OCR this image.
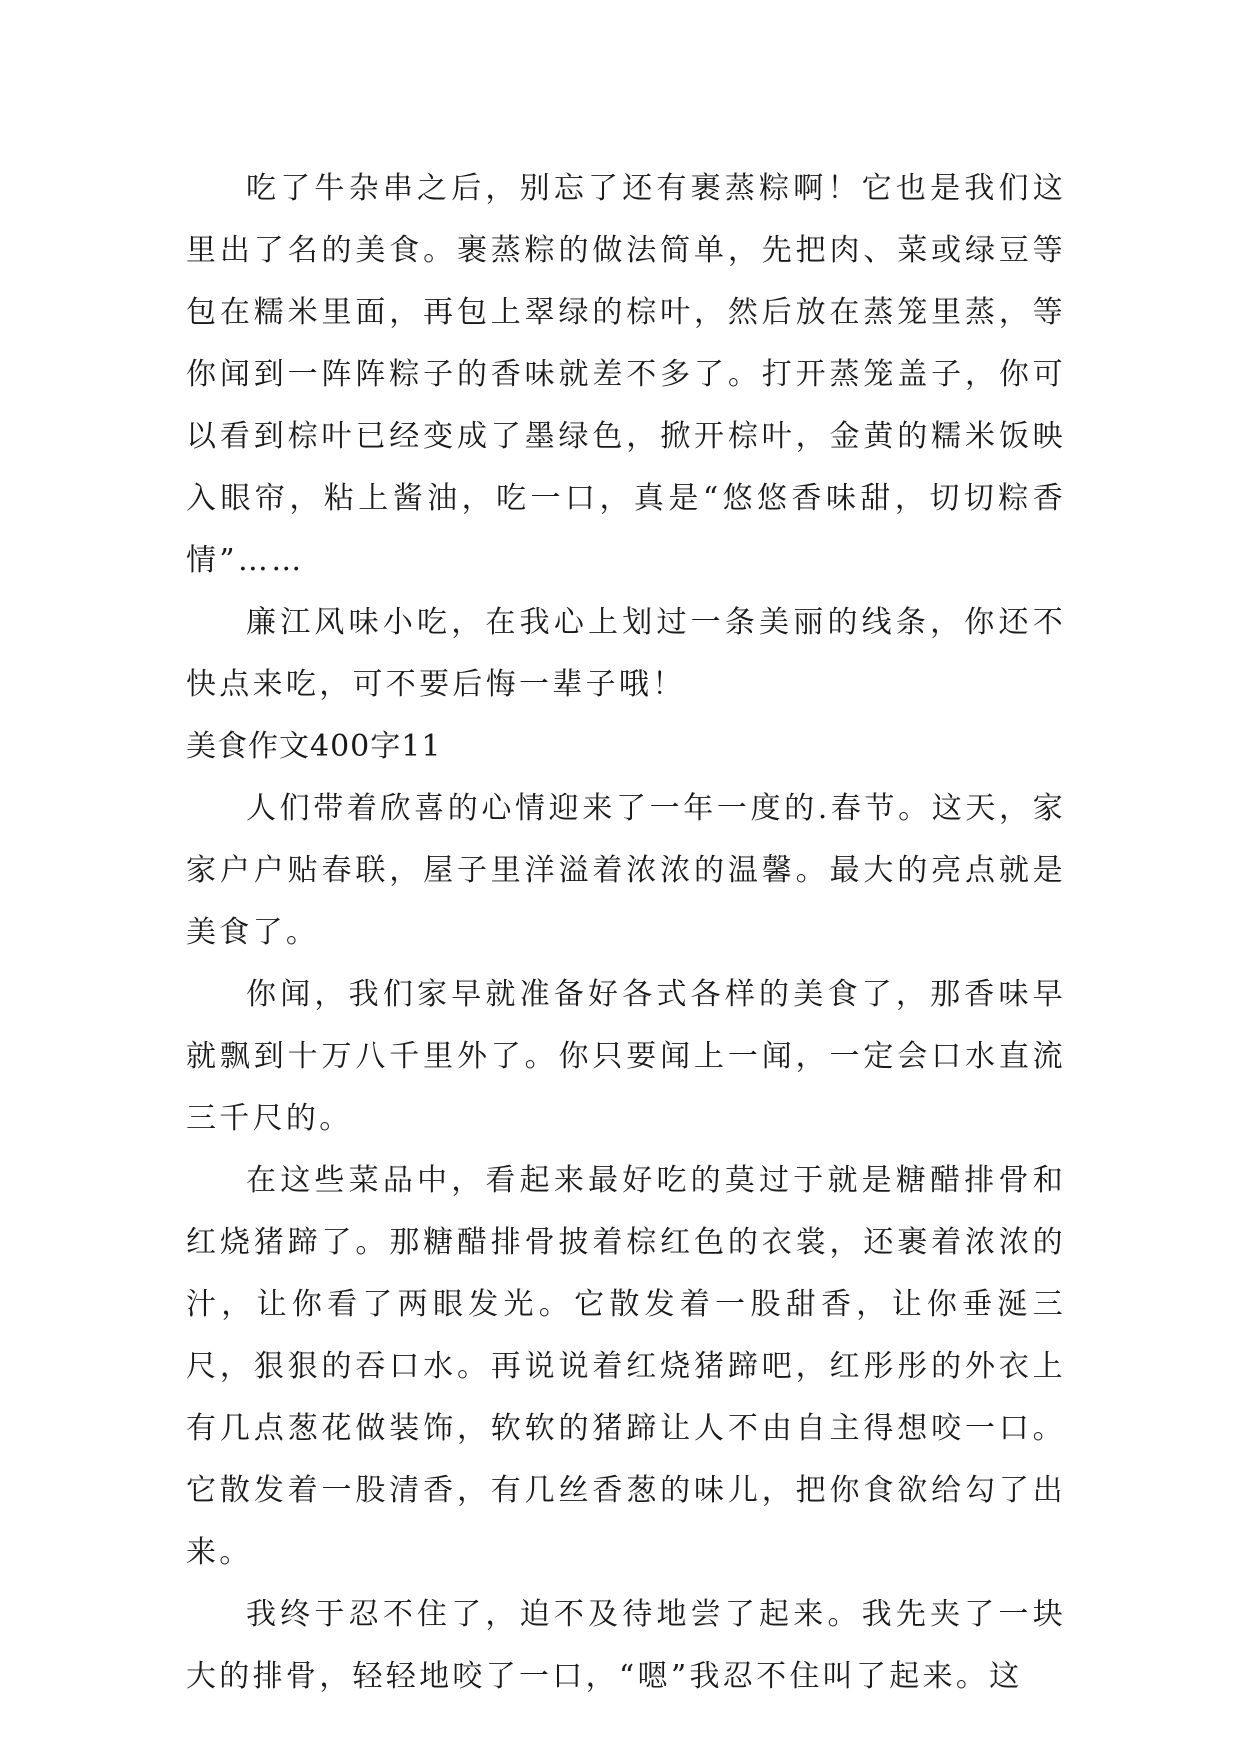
吃了牛杂串之后，别忘了还有裹蒸粽啊！它也是我们这里出了名的美食。裹蒸粽的做法简单，先把肉、菜或绿豆等包在糯米里面，再包上翠绿的棕叶，然后放在蒸笼里蒸，等你闻到一阵阵粽子的香味就差不多了。打开蒸笼盖子，你可以看到棕叶已经变成了墨绿色，掀开棕叶，金黄的糯米饭映入眼帘，粘上酱油，吃一口，真是“悠悠香味甜，切切粽香情”……

廉江风味小吃，在我心上划过一条美丽的线条，你还不快点来吃，可不要后悔一辈子哦！

美食作文400字11

人们带着欣喜的心情迎来了一年一度的.春节。这天，家家户户贴春联，屋子里洋溢着浓浓的温馨。最大的亮点就是美食了。

你闻，我们家早就准备好各式各样的美食了，那香味早就飘到十万八千里外了。你只要闻上一闻，一定会口水直流三千尺的。

在这些菜品中，看起来最好吃的莫过于就是糖醋排骨和红烧猪蹄了。那糖醋排骨披着棕红色的衣裳，还裹着浓浓的汁，让你看了两眼发光。它散发着一股甜香，让你垂涎三尺，狠狠的吞口水。再说说着红烧猪蹄吧，红彤彤的外衣上有几点葱花做装饰，软软的猪蹄让人不由自主得想咬一口。它散发着一股清香，有几丝香葱的味儿，把你食欲给勾了出来。

我终于忍不住了，迫不及待地尝了起来。我先夹了一块大的排骨，轻轻地咬了一口，“嗯”我忍不住叫了起来。这
